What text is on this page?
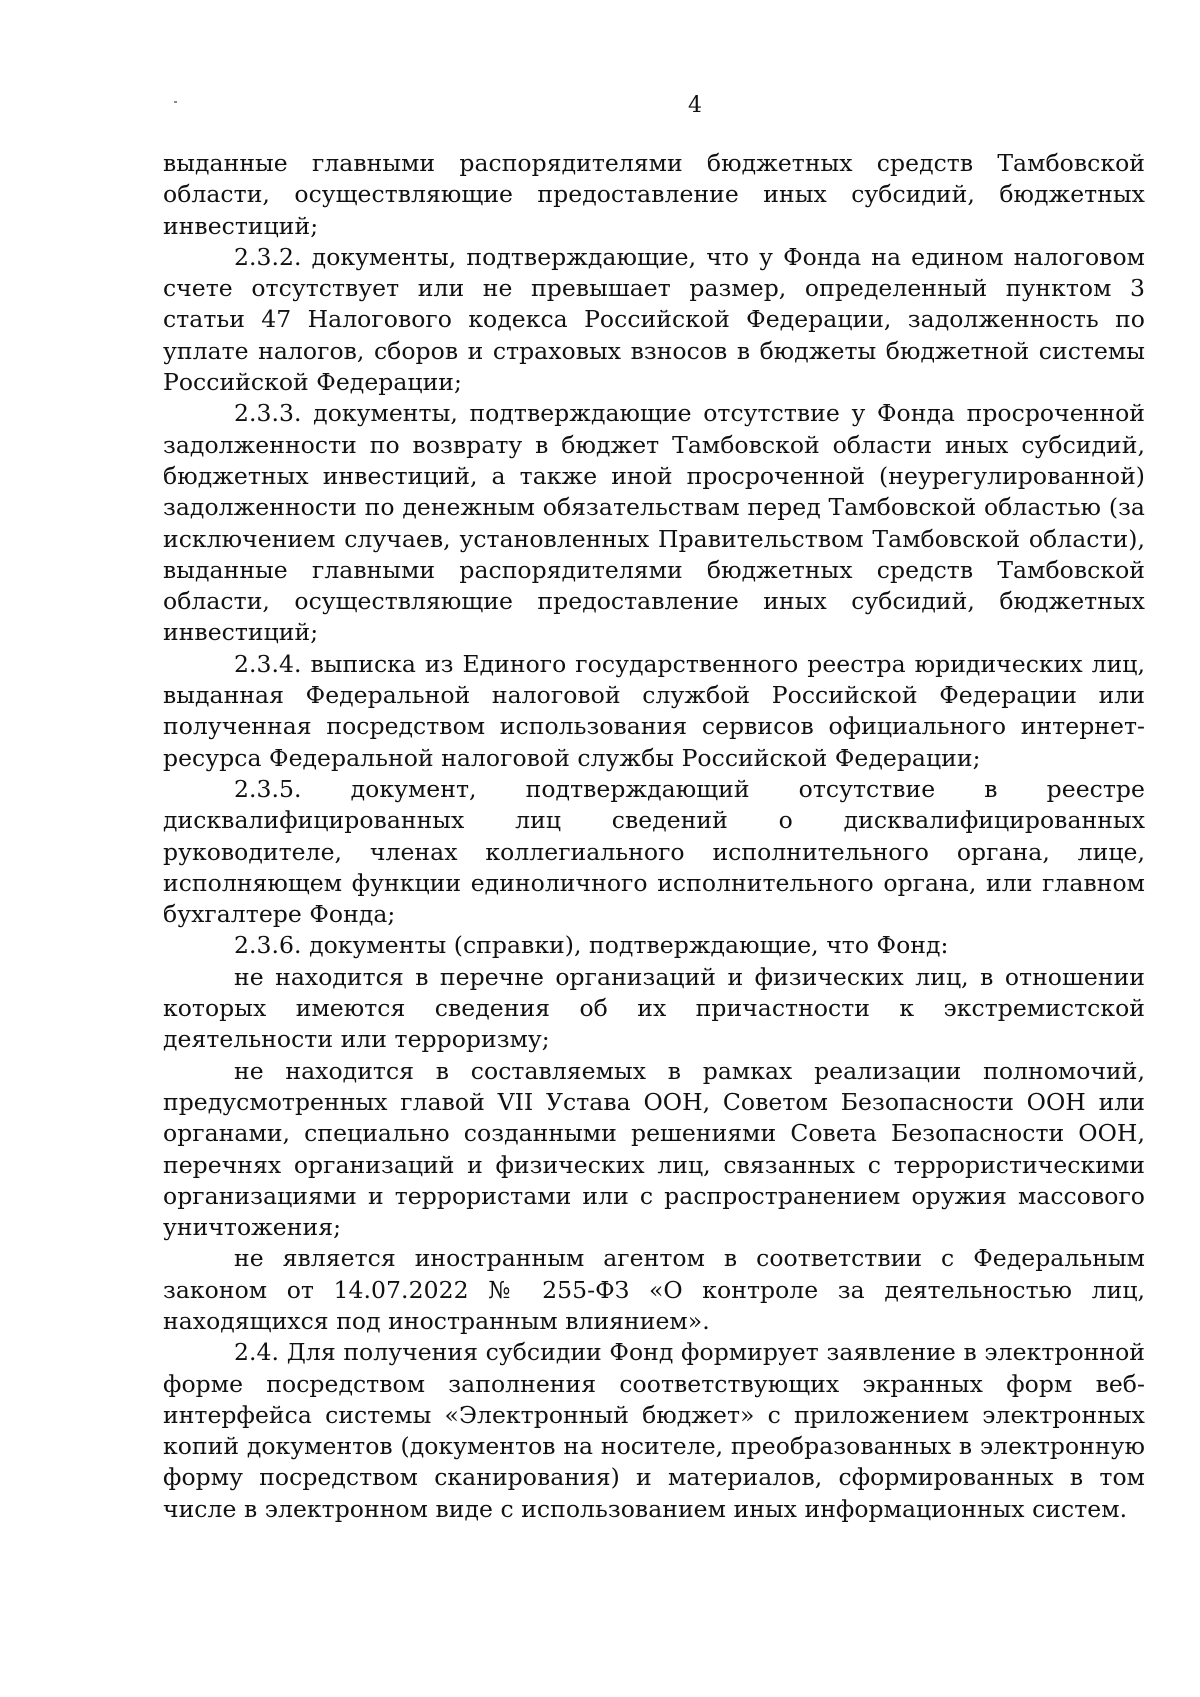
4

выданные главными распорядителями бюджетных средств Тамбовской области, осуществляющие предоставление иных субсидий, бюджетных инвестиций;

2.3.2. документы, подтверждающие, что у Фонда на едином налоговом счете отсутствует или не превышает размер, определенный пунктом 3 статьи 47 Налогового кодекса Российской Федерации, задолженность по уплате налогов, сборов и страховых взносов в бюджеты бюджетной системы Российской Федерации;

2.3.3. документы, подтверждающие отсутствие у Фонда просроченной задолженности по возврату в бюджет Тамбовской области иных субсидий, бюджетных инвестиций, а также иной просроченной (неурегулированной) задолженности по денежным обязательствам перед Тамбовской областью (за исключением случаев, установленных Правительством Тамбовской области), выданные главными распорядителями бюджетных средств Тамбовской области, осуществляющие предоставление иных субсидий, бюджетных инвестиций;

2.3.4. выписка из Единого государственного реестра юридических лиц, выданная Федеральной налоговой службой Российской Федерации или полученная посредством использования сервисов официального интернет-ресурса Федеральной налоговой службы Российской Федерации;

2.3.5. документ, подтверждающий отсутствие в реестре дисквалифицированных лиц сведений о дисквалифицированных руководителе, членах коллегиального исполнительного органа, лице, исполняющем функции единоличного исполнительного органа, или главном бухгалтере Фонда;

2.3.6. документы (справки), подтверждающие, что Фонд:

не находится в перечне организаций и физических лиц, в отношении которых имеются сведения об их причастности к экстремистской деятельности или терроризму;

не находится в составляемых в рамках реализации полномочий, предусмотренных главой VII Устава ООН, Советом Безопасности ООН или органами, специально созданными решениями Совета Безопасности ООН, перечнях организаций и физических лиц, связанных с террористическими организациями и террористами или с распространением оружия массового уничтожения;

не является иностранным агентом в соответствии с Федеральным законом от 14.07.2022 № 255-ФЗ «О контроле за деятельностью лиц, находящихся под иностранным влиянием».

2.4. Для получения субсидии Фонд формирует заявление в электронной форме посредством заполнения соответствующих экранных форм веб-интерфейса системы «Электронный бюджет» с приложением электронных копий документов (документов на носителе, преобразованных в электронную форму посредством сканирования) и материалов, сформированных в том числе в электронном виде с использованием иных информационных систем.
